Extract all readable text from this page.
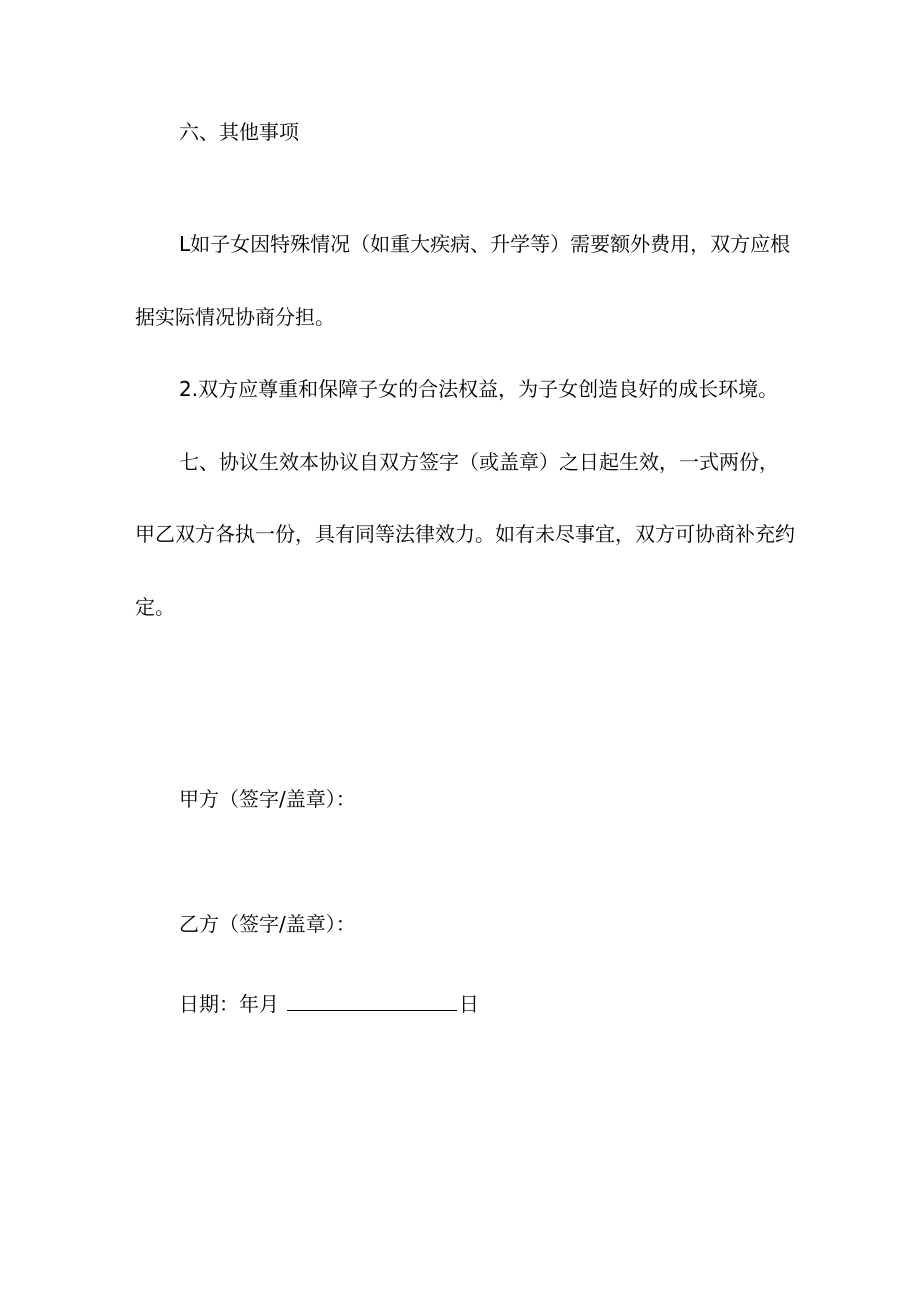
六、其他事项
L如子女因特殊情况（如重大疾病、升学等）需要额外费用，双方应根
据实际情况协商分担。
2.双方应尊重和保障子女的合法权益，为子女创造良好的成长环境。
七、协议生效本协议自双方签字（或盖章）之日起生效，一式两份，
甲乙双方各执一份，具有同等法律效力。如有未尽事宜，双方可协商补充约
定。
甲方（签字/盖章）：
乙方（签字/盖章）：
日期：年月	日
